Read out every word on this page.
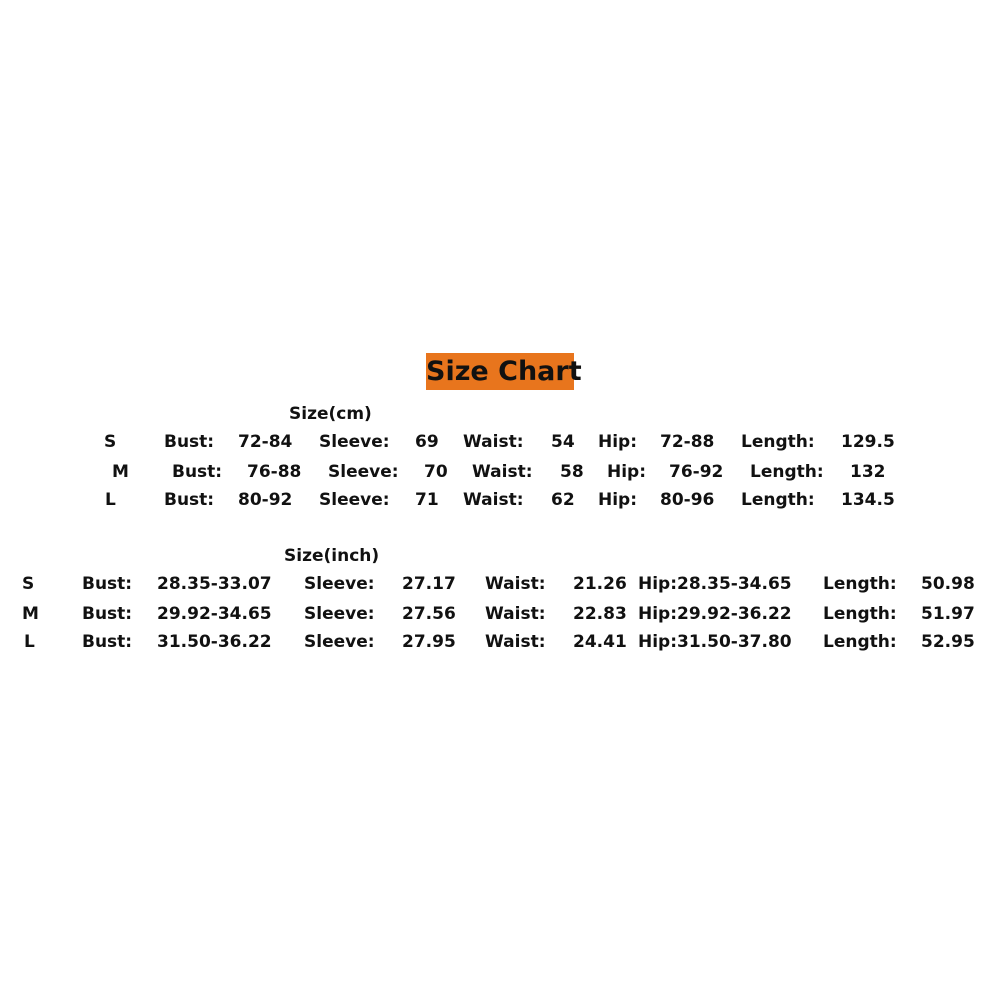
Size Chart
Size(cm)
S	Bust: 72-84 Sleeve: 69 Waist: 54 Hip: 72-88 Length: 129.5
M	Bust: 76-88 Sleeve: 70 Waist: 58 Hip: 76-92 Length: 132
L	Bust: 80-92 Sleeve: 71 Waist: 62 Hip: 80-96 Length: 134.5
Size(inch)
S	Bust: 28.35-33.07 Sleeve: 27.17 Waist: 21.26 Hip:28.35-34.65 Length: 50.98
M	Bust: 29.92-34.65 Sleeve: 27.56 Waist: 22.83 Hip:29.92-36.22 Length: 51.97
L	Bust: 31.50-36.22 Sleeve: 27.95 Waist: 24.41 Hip:31.50-37.80 Length: 52.95
